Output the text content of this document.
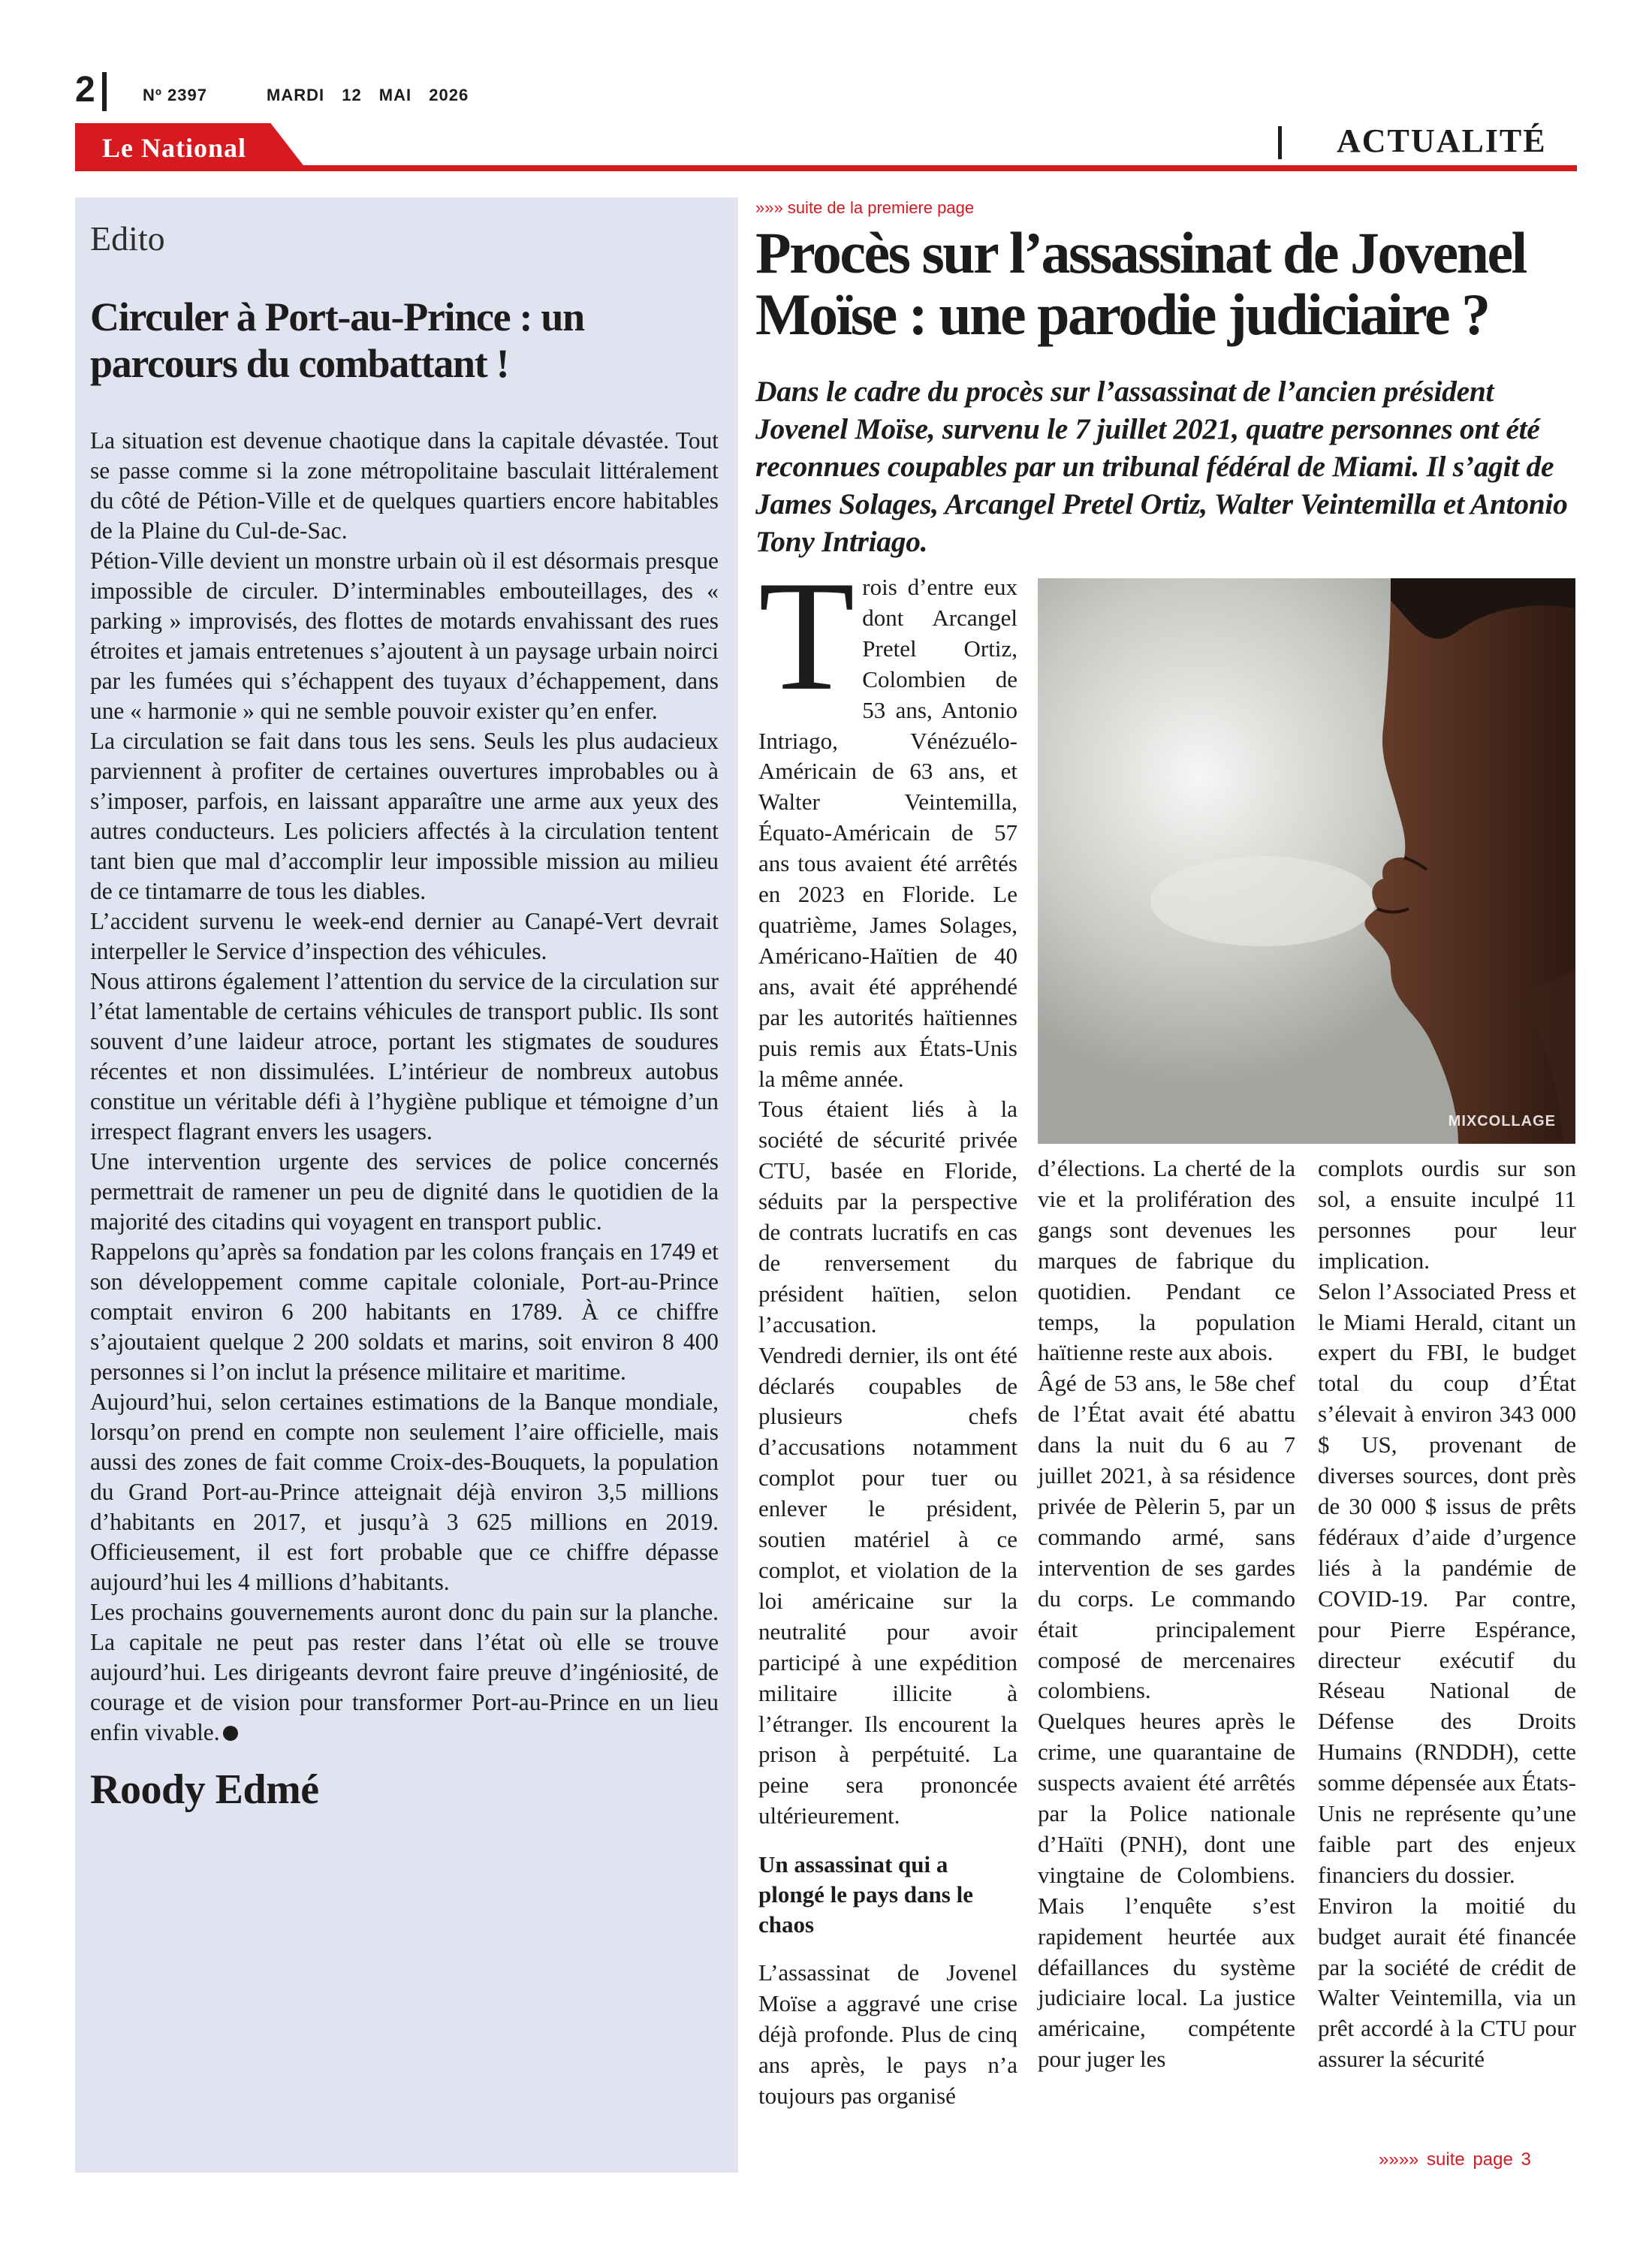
2	Nº 2397	MARDI 12 MAI 2026
Le National	ACTUALITÉ
Edito
Circuler à Port-au-Prince : un parcours du combattant !

La situation est devenue chaotique dans la capitale dévastée. Tout se passe comme si la zone métropolitaine basculait littéralement du côté de Pétion-Ville et de quelques quartiers encore habitables de la Plaine du Cul-de-Sac.

Pétion-Ville devient un monstre urbain où il est désormais presque impossible de circuler. D’interminables embouteillages, des « parking » improvisés, des flottes de motards envahissant des rues étroites et jamais entretenues s’ajoutent à un paysage urbain noirci par les fumées qui s’échappent des tuyaux d’échappement, dans une « harmonie » qui ne semble pouvoir exister qu’en enfer.

La circulation se fait dans tous les sens. Seuls les plus audacieux parviennent à profiter de certaines ouvertures improbables ou à s’imposer, parfois, en laissant apparaître une arme aux yeux des autres conducteurs. Les policiers affectés à la circulation tentent tant bien que mal d’accomplir leur impossible mission au milieu de ce tintamarre de tous les diables.

L’accident survenu le week-end dernier au Canapé-Vert devrait interpeller le Service d’inspection des véhicules.

Nous attirons également l’attention du service de la circulation sur l’état lamentable de certains véhicules de transport public. Ils sont souvent d’une laideur atroce, portant les stigmates de soudures récentes et non dissimulées. L’intérieur de nombreux autobus constitue un véritable défi à l’hygiène publique et témoigne d’un irrespect flagrant envers les usagers.

Une intervention urgente des services de police concernés permettrait de ramener un peu de dignité dans le quotidien de la majorité des citadins qui voyagent en transport public.

Rappelons qu’après sa fondation par les colons français en 1749 et son développement comme capitale coloniale, Port-au-Prince comptait environ 6 200 habitants en 1789. À ce chiffre s’ajoutaient quelque 2 200 soldats et marins, soit environ 8 400 personnes si l’on inclut la présence militaire et maritime.

Aujourd’hui, selon certaines estimations de la Banque mondiale, lorsqu’on prend en compte non seulement l’aire officielle, mais aussi des zones de fait comme Croix-des-Bouquets, la population du Grand Port-au-Prince atteignait déjà environ 3,5 millions d’habitants en 2017, et jusqu’à 3 625 millions en 2019. Officieusement, il est fort probable que ce chiffre dépasse aujourd’hui les 4 millions d’habitants.

Les prochains gouvernements auront donc du pain sur la planche. La capitale ne peut pas rester dans l’état où elle se trouve aujourd’hui. Les dirigeants devront faire preuve d’ingéniosité, de courage et de vision pour transformer Port-au-Prince en un lieu enfin vivable.

Roody Edmé
»»» suite de la premiere page
Procès sur l’assassinat de Jovenel Moïse : une parodie judiciaire ?
Dans le cadre du procès sur l’assassinat de l’ancien président Jovenel Moïse, survenu le 7 juillet 2021, quatre personnes ont été reconnues coupables par un tribunal fédéral de Miami. Il s’agit de James Solages, Arcangel Pretel Ortiz, Walter Veintemilla et Antonio Tony Intriago.

Trois d’entre eux dont Arcangel Pretel Ortiz, Colombien de 53 ans, Antonio Intriago, Vénézuélo-Américain de 63 ans, et Walter Veintemilla, Équato-Américain de 57 ans tous avaient été arrêtés en 2023 en Floride. Le quatrième, James Solages, Américano-Haïtien de 40 ans, avait été appréhendé par les autorités haïtiennes puis remis aux États-Unis la même année.

Tous étaient liés à la société de sécurité privée CTU, basée en Floride, séduits par la perspective de contrats lucratifs en cas de renversement du président haïtien, selon l’accusation.

Vendredi dernier, ils ont été déclarés coupables de plusieurs chefs d’accusations notamment complot pour tuer ou enlever le président, soutien matériel à ce complot, et violation de la loi américaine sur la neutralité pour avoir participé à une expédition militaire illicite à l’étranger. Ils encourent la prison à perpétuité. La peine sera prononcée ultérieurement.

Un assassinat qui a plongé le pays dans le chaos

L’assassinat de Jovenel Moïse a aggravé une crise déjà profonde. Plus de cinq ans après, le pays n’a toujours pas organisé

MIXCOLLAGE

d’élections. La cherté de la vie et la prolifération des gangs sont devenues les marques de fabrique du quotidien. Pendant ce temps, la population haïtienne reste aux abois.

Âgé de 53 ans, le 58e chef de l’État avait été abattu dans la nuit du 6 au 7 juillet 2021, à sa résidence privée de Pèlerin 5, par un commando armé, sans intervention de ses gardes du corps. Le commando était principalement composé de mercenaires colombiens.

Quelques heures après le crime, une quarantaine de suspects avaient été arrêtés par la Police nationale d’Haïti (PNH), dont une vingtaine de Colombiens. Mais l’enquête s’est rapidement heurtée aux défaillances du système judiciaire local. La justice américaine, compétente pour juger les

complots ourdis sur son sol, a ensuite inculpé 11 personnes pour leur implication.

Selon l’Associated Press et le Miami Herald, citant un expert du FBI, le budget total du coup d’État s’élevait à environ 343 000 $ US, provenant de diverses sources, dont près de 30 000 $ issus de prêts fédéraux d’aide d’urgence liés à la pandémie de COVID-19. Par contre, pour Pierre Espérance, directeur exécutif du Réseau National de Défense des Droits Humains (RNDDH), cette somme dépensée aux États-Unis ne représente qu’une faible part des enjeux financiers du dossier.

Environ la moitié du budget aurait été financée par la société de crédit de Walter Veintemilla, via un prêt accordé à la CTU pour assurer la sécurité

»»»» suite page 3
